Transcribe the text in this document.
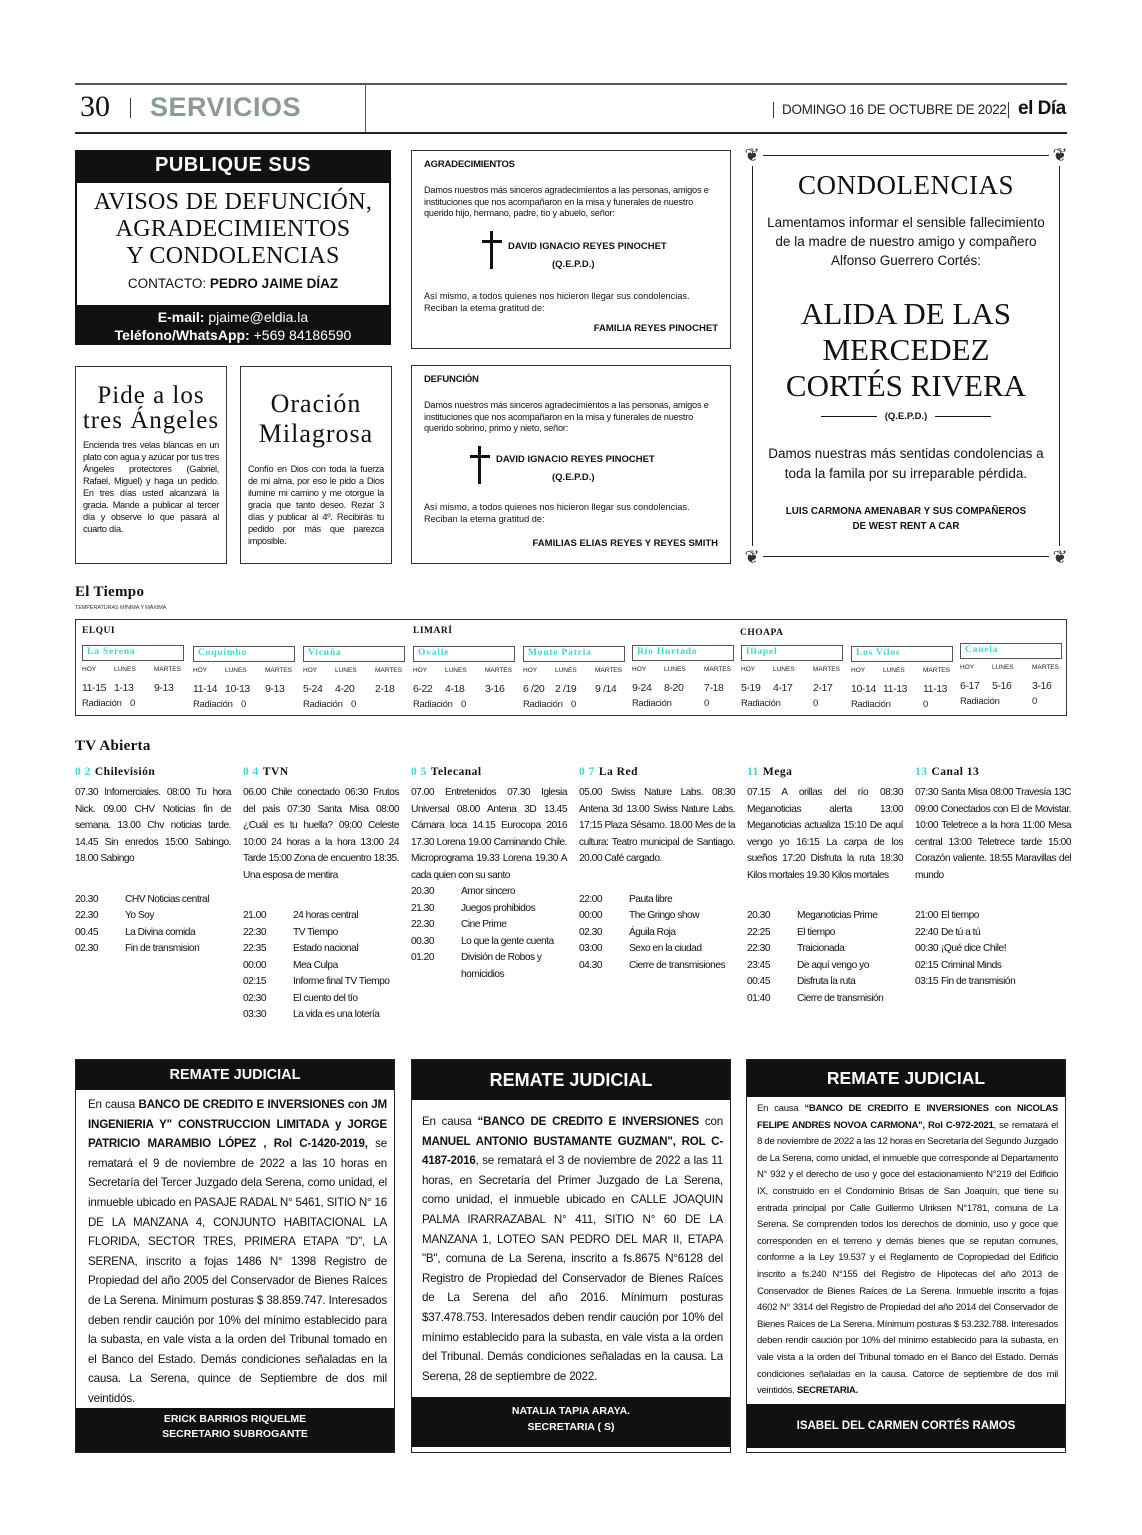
30 SERVICIOS	DOMINGO 16 DE OCTUBRE DE 2022 el Día
PUBLIQUE SUS
AVISOS DE DEFUNCIÓN,
AGRADECIMIENTOS
Y CONDOLENCIAS
CONTACTO: PEDRO JAIME DÍAZ
E-mail: pjaime@eldia.la
Teléfono/WhatsApp: +569 84186590
Pide a los tres Ángeles
Encienda tres velas blancas en un plato con agua y azúcar por tus tres Ángeles protectores (Gabriel, Rafael, Miguel) y haga un pedido. En tres días usted alcanzará la gracia. Mande a publicar al tercer día y observe lo que pasará al cuarto día.
Oración Milagrosa
Confío en Dios con toda la fuerza de mi alma, por eso le pido a Dios ilumine mi camino y me otorgue la gracia que tanto deseo. Rezar 3 días y publicar al 4º. Recibirás tu pedido por más que parezca imposible.
AGRADECIMIENTOS
Damos nuestros más sinceros agradecimientos a las personas, amigos e instituciones que nos acompañaron en la misa y funerales de nuestro querido hijo, hermano, padre, tío y abuelo, señor:
DAVID IGNACIO REYES PINOCHET
(Q.E.P.D.)
Así mismo, a todos quienes nos hicieron llegar sus condolencias. Reciban la eterna gratitud de:
FAMILIA REYES PINOCHET
DEFUNCIÓN
Damos nuestros más sinceros agradecimientos a las personas, amigos e instituciones que nos acompañaron en la misa y funerales de nuestro querido sobrino, primo y nieto, señor:
DAVID IGNACIO REYES PINOCHET
(Q.E.P.D.)
Así mismo, a todos quienes nos hicieron llegar sus condolencias. Reciban la eterna gratitud de:
FAMILIAS ELIAS REYES Y REYES SMITH
❦	❦
❦	❦
CONDOLENCIAS
Lamentamos informar el sensible fallecimiento de la madre de nuestro amigo y compañero Alfonso Guerrero Cortés:
ALIDA DE LAS
MERCEDEZ
CORTÉS RIVERA
(Q.E.P.D.)
Damos nuestras más sentidas condolencias a toda la famila por su irreparable pérdida.
LUIS CARMONA AMENABAR Y SUS COMPAÑEROS
DE WEST RENT A CAR
El Tiempo
TEMPERATURAS MÍNIMA Y MÁXIMA
ELQUI	LIMARÍ	CHOAPA
La Serena
HOY	LUNES	MARTES
11-15 1-13 9-13
Radiación 0
Coquimbo
HOY	LUNES	MARTES
11-14 10-13 9-13
Radiación 0
Vicuña
HOY	LUNES	MARTES
5-24 4-20 2-18
Radiación 0
Ovalle
HOY	LUNES	MARTES
6-22 4-18 3-16
Radiación 0
Monte Patria
HOY	LUNES	MARTES
6 /20 2 /19 9 /14
Radiación 0
Río Hurtado
HOY	LUNES	MARTES
9-24 8-20 7-18
Radiación	0
Illapel
HOY	LUNES	MARTES
5-19 4-17 2-17
Radiación	0
Los Vilos
HOY	LUNES	MARTES
10-14 11-13 11-13
Radiación	0
Canela
HOY	LUNES	MARTES
6-17 5-16 3-16
Radiación	0
TV Abierta
0 2 Chilevisión
07.30 Infomerciales. 08:00 Tu hora Nick. 09.00 CHV Noticias fin de semana. 13.00 Chv noticias tarde. 14.45 Sin enredos 15:00 Sabingo. 18.00 Sabingo
20.30	CHV Noticias central
22.30	Yo Soy
00.45	La Divina comida
02.30	Fin de transmision
0 4 TVN
06.00 Chile conectado 06:30 Frutos del país 07:30 Santa Misa 08:00 ¿Cuál es tu huella? 09:00 Celeste 10:00 24 horas a la hora 13:00 24 Tarde 15:00 Zona de encuentro 18:35. Una esposa de mentira
21.00	24 horas central
22:30	TV Tiempo
22:35	Estado nacional
00:00	Mea Culpa
02:15	Informe final TV Tiempo
02:30	El cuento del tío
03:30	La vida es una lotería
0 5 Telecanal
07.00 Entretenidos 07.30 Iglesia Universal 08.00 Antena 3D 13.45 Cámara loca 14.15 Eurocopa 2016 17.30 Lorena 19.00 Caminando Chile. Microprograma 19.33 Lorena 19.30 A cada quien con su santo
20.30	Amor sincero
21.30	Juegos prohibidos
22.30	Cine Prime
00.30	Lo que la gente cuenta
01.20	División de Robos y homicidios
0 7 La Red
05.00 Swiss Nature Labs. 08:30 Antena 3d 13.00 Swiss Nature Labs. 17:15 Plaza Sésamo. 18.00 Mes de la cultura: Teatro municipal de Santiago. 20.00 Café cargado.
22:00	Pauta libre
00:00	The Gringo show
02.30	Águila Roja
03:00	Sexo en la ciudad
04.30	Cierre de transmisiones
11 Mega
07.15 A orillas del río 08:30 Meganoticias alerta 13:00 Meganoticias actualiza 15:10 De aquí vengo yo 16:15 La carpa de los sueños 17:20 Disfruta la ruta 18:30 Kilos mortales 19.30 Kilos mortales
20.30	Meganoticias Prime
22:25	El tiempo
22:30	Traicionada
23:45	De aquí vengo yo
00:45	Disfruta la ruta
01:40	Cierre de transmisión
13 Canal 13
07:30 Santa Misa 08:00 Travesía 13C 09:00 Conectados con El de Movistar. 10:00 Teletrece a la hora 11:00 Mesa central 13:00 Teletrece tarde 15:00 Corazón valiente. 18:55 Maravillas del mundo
21:00 El tiempo
22:40 De tú a tú
00:30 ¡Qué dice Chile!
02:15 Criminal Minds
03:15 Fin de transmisión
REMATE JUDICIAL
En causa BANCO DE CREDITO E INVERSIONES con JM INGENIERIA Y" CONSTRUCCION LIMITADA y JORGE PATRICIO MARAMBIO LÓPEZ , Rol C-1420-2019, se rematará el 9 de noviembre de 2022 a las 10 horas en Secretaría del Tercer Juzgado dela Serena, como unidad, el inmueble ubicado en PASAJE RADAL N° 5461, SITIO N° 16 DE LA MANZANA 4, CONJUNTO HABITACIONAL LA FLORIDA, SECTOR TRES, PRIMERA ETAPA "D", LA SERENA, inscrito a fojas 1486 N° 1398 Registro de Propiedad del año 2005 del Conservador de Bienes Raíces de La Serena. Minimum posturas $ 38.859.747. Interesados deben rendir caución por 10% del mínimo establecido para la subasta, en vale vista a la orden del Tribunal tomado en el Banco del Estado. Demás condiciones señaladas en la causa. La Serena, quince de Septiembre de dos mil veintidós.
ERICK BARRIOS RIQUELME
SECRETARIO SUBROGANTE
REMATE JUDICIAL
En causa “BANCO DE CREDITO E INVERSIONES con MANUEL ANTONIO BUSTAMANTE GUZMAN", ROL C-4187-2016, se rematará el 3 de noviembre de 2022 a las 11 horas, en Secretaría del Primer Juzgado de La Serena, como unidad, el inmueble ubicado en CALLE JOAQUIN PALMA IRARRAZABAL N° 411, SITIO N° 60 DE LA MANZANA 1, LOTEO SAN PEDRO DEL MAR II, ETAPA "B", comuna de La Serena, inscrito a fs.8675 N°6128 del Registro de Propiedad del Conservador de Bienes Raíces de La Serena del año 2016. Mínimum posturas $37.478.753. Interesados deben rendir caución por 10% del mínimo establecido para la subasta, en vale vista a la orden del Tribunal. Demás condiciones señaladas en la causa. La Serena, 28 de septiembre de 2022.
NATALIA TAPIA ARAYA.
SECRETARIA ( S)
REMATE JUDICIAL
En causa “BANCO DE CREDITO E INVERSIONES con NICOLAS FELIPE ANDRES NOVOA CARMONA", Rol C-972-2021, se rematará el 8 de noviembre de 2022 a las 12 horas en Secretaría del Segundo Juzgado de La Serena, como unidad, el inmueble que corresponde al Departamento N° 932 y el derecho de uso y goce del estacionamiento N°219 del Edificio IX, construido en el Condominio Brisas de San Joaquín, que tiene su entrada principal por Calle Guillermo Ulriksen N°1781, comuna de La Serena. Se comprenden todos los derechos de dominio, uso y goce que corresponden en el terreno y demás bienes que se reputan comunes, conforme a la Ley 19.537 y el Reglamento de Copropiedad del Edificio inscrito a fs.240 N°155 del Registro de Hipotecas del año 2013 de Conservador de Bienes Raíces de La Serena. Inmueble inscrito a fojas 4602 N° 3314 del Registro de Propiedad del año 2014 del Conservador de Bienes Raíces de La Serena. Mínimum posturas $ 53.232.788. Interesados deben rendir caución por 10% del mínimo establecido para la subasta, en vale vista a la orden del Tribunal tomado en el Banco del Estado. Demás condiciones señaladas en la causa. Catorce de septiembre de dos mil veintidós. SECRETARIA.
ISABEL DEL CARMEN CORTÉS RAMOS
